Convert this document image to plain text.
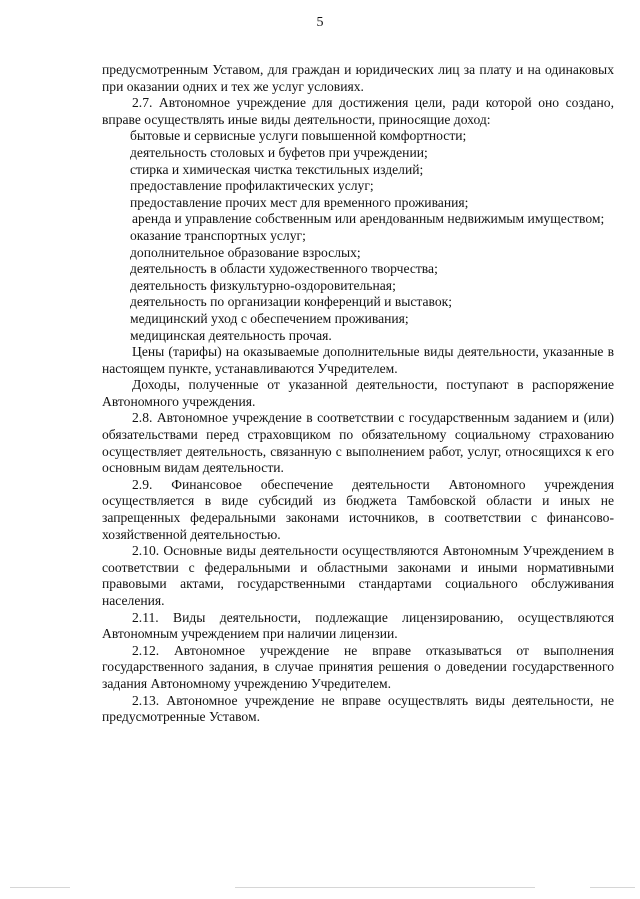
5

предусмотренным Уставом, для граждан и юридических лиц за плату и на одинаковых при оказании одних и тех же услуг условиях.

2.7. Автономное учреждение для достижения цели, ради которой оно создано, вправе осуществлять иные виды деятельности, приносящие доход:

бытовые и сервисные услуги повышенной комфортности;

деятельность столовых и буфетов при учреждении;

стирка и химическая чистка текстильных изделий;

предоставление профилактических услуг;

предоставление прочих мест для временного проживания;

аренда и управление собственным или арендованным недвижимым имуществом;

оказание транспортных услуг;

дополнительное образование взрослых;

деятельность в области художественного творчества;

деятельность физкультурно-оздоровительная;

деятельность по организации конференций и выставок;

медицинский уход с обеспечением проживания;

медицинская деятельность прочая.

Цены (тарифы) на оказываемые дополнительные виды деятельности, указанные в настоящем пункте, устанавливаются Учредителем.

Доходы, полученные от указанной деятельности, поступают в распоряжение Автономного учреждения.

2.8. Автономное учреждение в соответствии с государственным заданием и (или) обязательствами перед страховщиком по обязательному социальному страхованию осуществляет деятельность, связанную с выполнением работ, услуг, относящихся к его основным видам деятельности.

2.9. Финансовое обеспечение деятельности Автономного учреждения осуществляется в виде субсидий из бюджета Тамбовской области и иных не запрещенных федеральными законами источников, в соответствии с финансово-хозяйственной деятельностью.

2.10. Основные виды деятельности осуществляются Автономным Учреждением в соответствии с федеральными и областными законами и иными нормативными правовыми актами, государственными стандартами социального обслуживания населения.

2.11. Виды деятельности, подлежащие лицензированию, осуществляются Автономным учреждением при наличии лицензии.

2.12. Автономное учреждение не вправе отказываться от выполнения государственного задания, в случае принятия решения о доведении государственного задания Автономному учреждению Учредителем.

2.13. Автономное учреждение не вправе осуществлять виды деятельности, не предусмотренные Уставом.
